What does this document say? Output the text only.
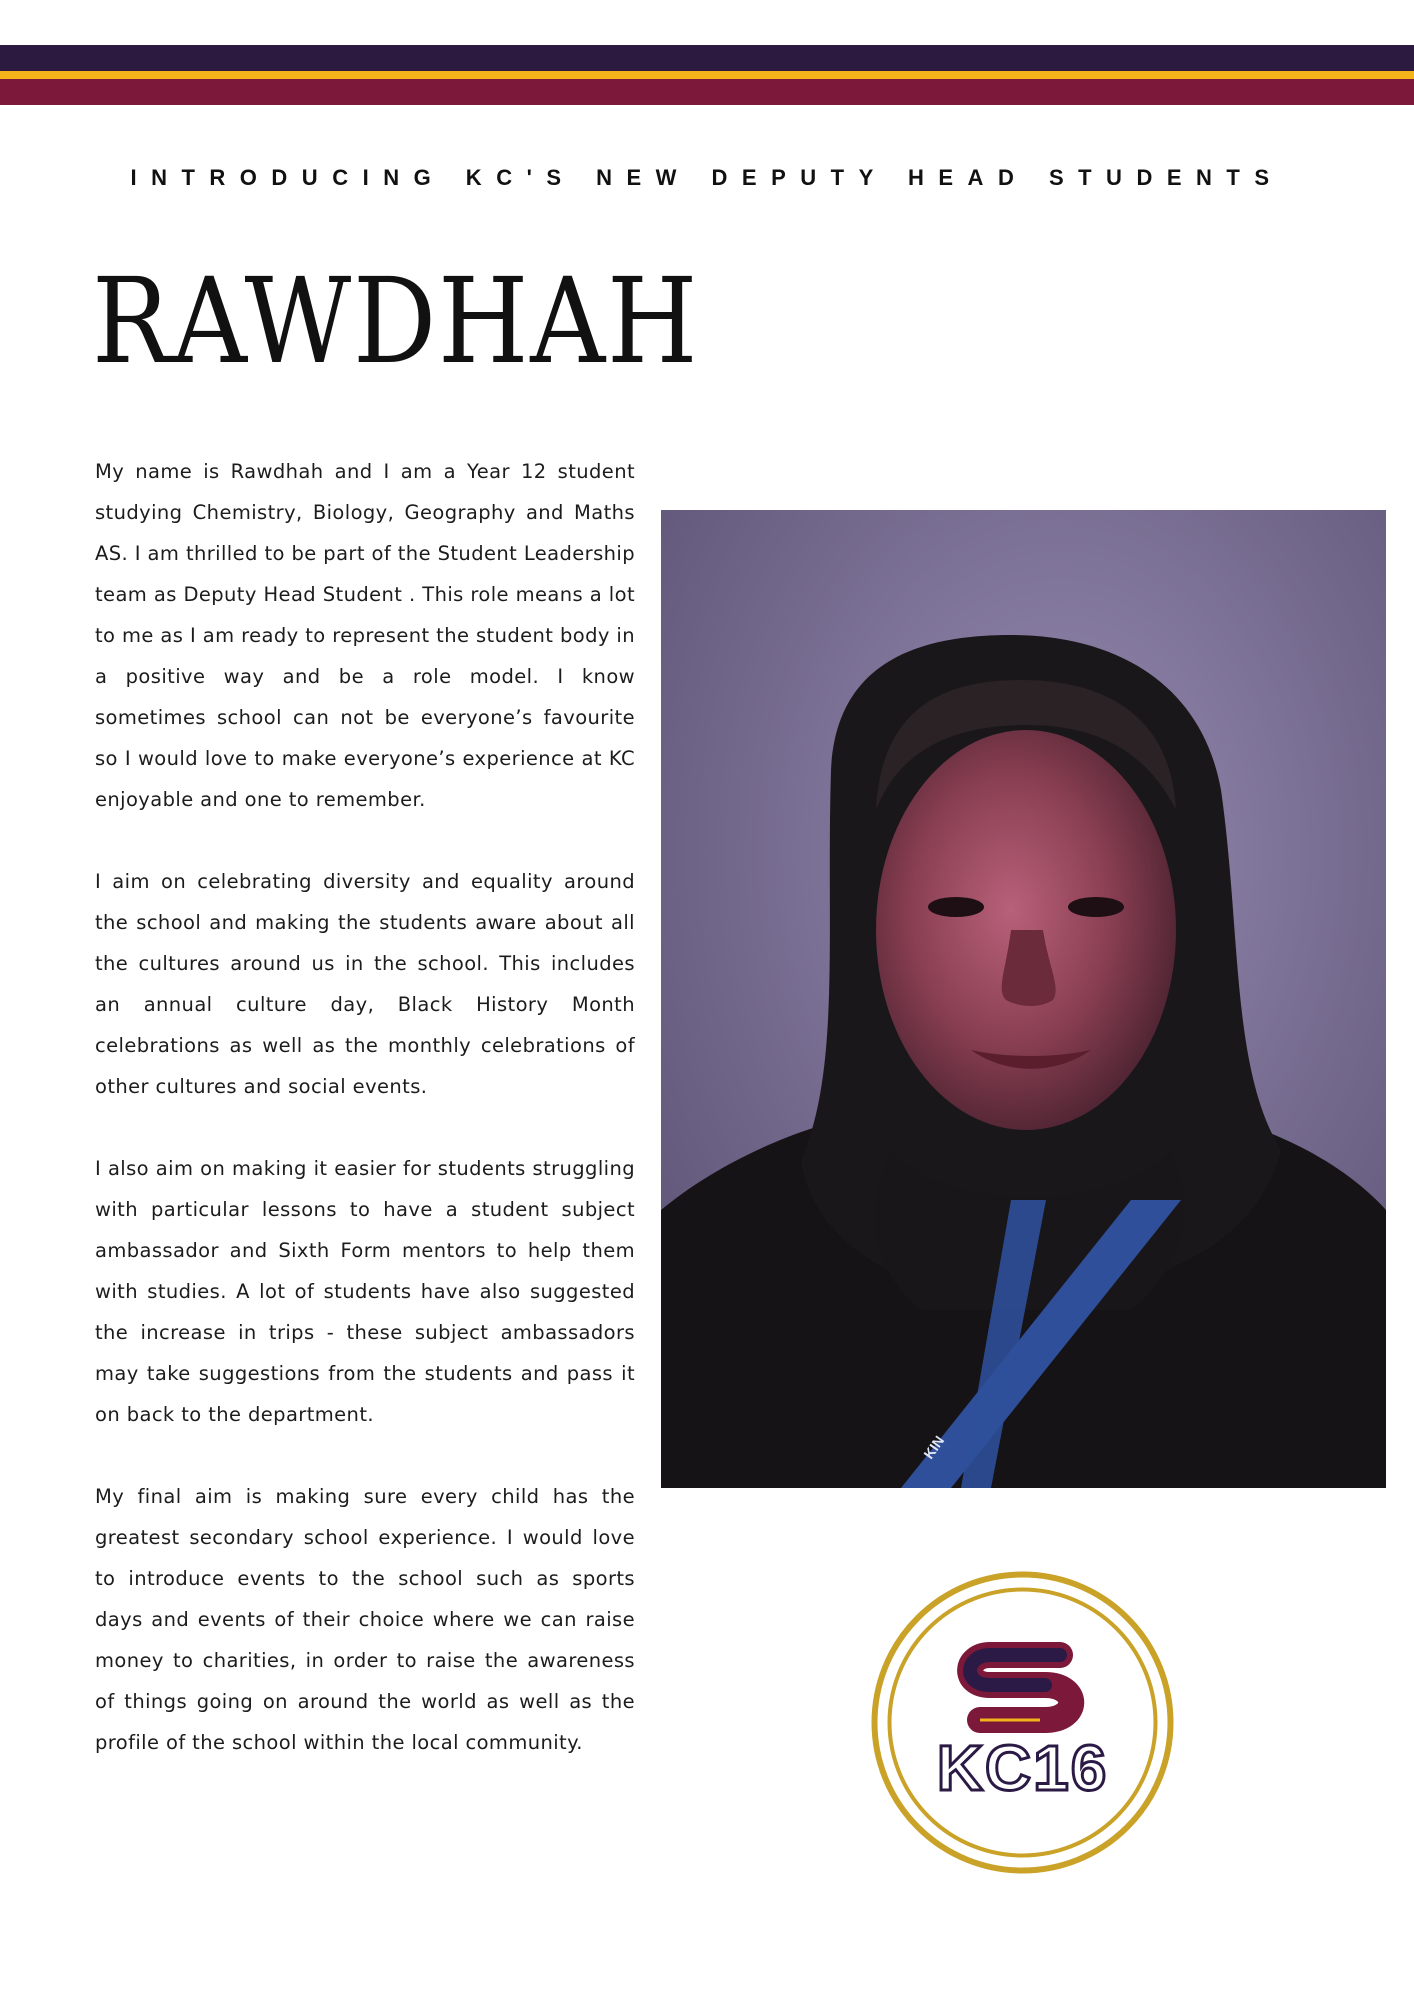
INTRODUCING KC'S NEW DEPUTY HEAD STUDENTS
RAWDHAH

My name is Rawdhah and I am a Year 12 student studying Chemistry, Biology, Geography and Maths AS. I am thrilled to be part of the Student Leadership team as Deputy Head Student . This role means a lot to me as I am ready to represent the student body in a positive way and be a role model. I know sometimes school can not be everyone’s favourite so I would love to make everyone’s experience at KC enjoyable and one to remember.

I aim on celebrating diversity and equality around the school and making the students aware about all the cultures around us in the school. This includes an annual culture day, Black History Month celebrations as well as the monthly celebrations of other cultures and social events.

I also aim on making it easier for students struggling with particular lessons to have a student subject ambassador and Sixth Form mentors to help them with studies. A lot of students have also suggested the increase in trips - these subject ambassadors may take suggestions from the students and pass it on back to the department.

My final aim is making sure every child has the greatest secondary school experience. I would love to introduce events to the school such as sports days and events of their choice where we can raise money to charities, in order to raise the awareness of things going on around the world as well as the profile of the school within the local community.

KIN
KC16
